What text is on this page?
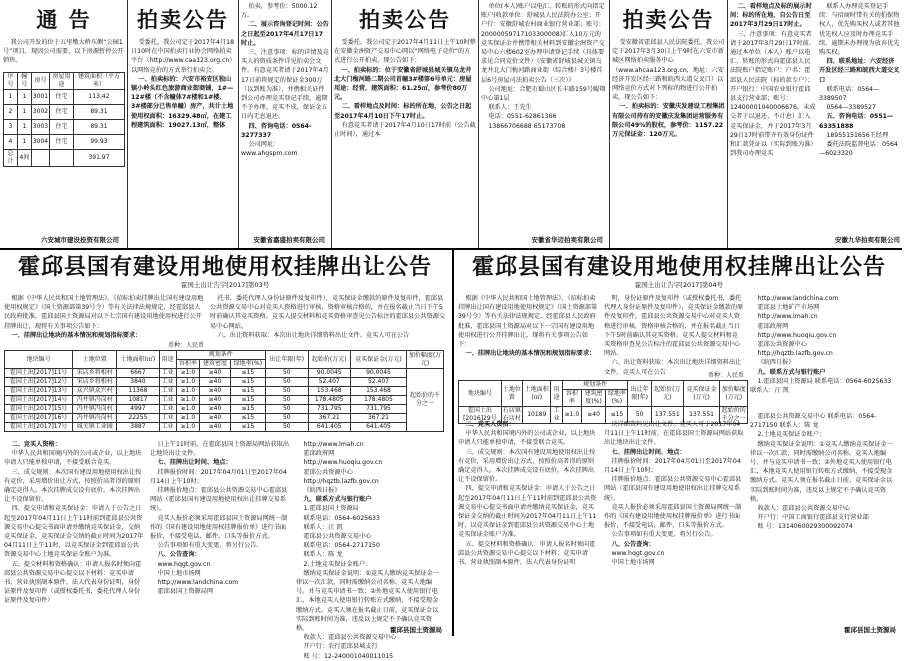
通 告

我公司开发的位于五里墩大桥东侧“公园1号”项目，现因公司需要，以下房源暂停公开销售。

序号	幢号	房号	房屋用途	建筑面积（平方米）
1	1	3001	住宅	113.42
2	1	3002	住宅	89.31
3	1	3003	住宅	89.31
4	1	3004	住宅	99.93
总计	4间			391.97
六安城市建设投资有限公司
拍卖公告

受委托，我公司定于2017年4月18日10时在中国拍卖行业协会网络拍卖平台（http://www.caa123.org.cn）以网络竞价的方式举行拍卖会。

一、拍卖标的：六安市裕安区独山镇小岭头红色旅游商业街商铺，1#—12#楼（不含幢体7#楼和1#楼、3#楼部分已售单幢）房产，共计土地使用权面积：16329.48㎡，在建工程建筑面积：19027.13㎡，整体

拍卖，参考价：5000.12万。

二、展示咨询登记时间：公告之日起至2017年4月17日17时止。

三、注意事项：标的详情及竞买人的资质条件详见拍卖会文件。有意竞买者请于2017年4月17日前将规定的保证金300万（以到账为准），并携相关证件到公司办理竞买登记手续，逾期不予办理。竞买不成，保证金五日内无息退还。

四、咨询电话：0564-3277337

公司网址：www.ahgspm.com

安徽省嘉盛拍卖有限公司
拍卖公告

受委托，我公司定于2017年4月11日上午10时整在安徽金洲资产交易中心网以“网络电子竞价”的方式进行公开拍卖，现公告如下：

一、拍卖标的：位于安徽省舒城县城关镇乌龙井北大门梅河路二期公司首幢3#楼第6号单元：房屋用途：经营，建筑面积：61.25㎡，参考价80万元。

二、看样地点及时间：标的所在地，公告之日起至2017年4月10日下午17时止。

有意竞买者请于2017年4月10日17时前（公告截止时间），通过本

单位(本人)账户以电汇、转账的形式向指定账户(收款单位：舒城县人民法院办公室；开户行：安徽舒城农村商业银行营业部；账号：20000059717103300008)汇入10万元的竞买保证金并携带相关材料到安徽金洲资产交易中心六楼602室办理申请登记手续（具体要求见合同竞价文件）《安徽省舒城县城关镇乌龙井北大门梅河路商业街（综合楼）3号楼首层6号房屋司法拍卖公告（三次）》

公司地址：合肥市蜀山区长丰路159号鲲翔中心第1层

联系人：王先生

电话：0551-62861366

13866706688 65173708

安徽省华迈拍卖有限公司
拍卖公告

受安徽省霍邱县人民法院委托，我公司定于2017年3月30日上午9时在六安市新城区网络拍卖服务中心（www.ahcaa123.org.cn，地址：六安经济开发区经三路和皖西大道交叉口）以网络竞价方式对下列标的物进行公开拍卖，现公告如下：

一、拍卖标的：安徽庆发建设工程集团有限公司持有的安徽庆发集团运营服务有限公司49%的股权，参考价：1157.22万元保证金：120万元。

二、看样地点及标的展示时间：标的所在地，自公告日至2017年3月29日17时止。

三、注意事项：有意竞买者请于2017年3月29日17时前，通过本单位（本人）账户以电汇、转账的形式向霍邱县人民法院账户指定账户：户名：霍邱县人民法院（标的款专户）；开户银行：中国农业银行霍邱县支行营业部；账号：12400001040006676。未成交者于以退还，不计息）汇入竞买保证金，并于2017年3月29日17时前带齐有效身份证件和汇款凭证以（实际到账为准）到我司办理竞买

联系人办理竞买登记手续：与招商时带有关的拍保物权人，优先购买权人或者其他优先权人应及时办理竞买手续，逾期未办理视为放弃优先购买权。

四、联系地址：六安经济开发区经三路和皖西大道交叉口

联系电话：0564—3389507

0564—3389527

五、咨询电话：0551—63351888

18955151656王经理

委托法院监督电话：0564—6023320

安徽九华拍卖有限公司
霍邱县国有建设用地使用权挂牌出让公告
霍国土出让告字[2017]第03号

根据《中华人民共和国土地管理法》、《招标拍卖挂牌出让国有建设用地使用权规定》（国土资源部第39号令）等有关法律法规规定，经霍邱县人民政府批准，霍邱县国土资源局对以下七宗国有建设用地使用权进行公开挂牌出让，现将有关事项公告如下：

一、挂牌出让地块的基本情况和规划指标要求：

托书，委托代理人身份证原件及复印件），竞买保证金缴款的原件及复印件，霍邱县公共资源交易中心对竞买人资格进行审核，资格审核合格的，并在报名截止当日下午5时前确认其竞买资格。竞买人提交材料和竞买资格审查见公告标注的霍邱县公共资源交易中心网站。

六、出让资料获取：本次出让地块详细资料出让文件。竞买人可在公告

币种：人民币
地块编号	土地位置	土地面积(㎡)	用途	规划条件			出让年限(年)	起始价(万元)	竞买保证金(万元)	加价幅度(万元)
				容积率	建筑密度	绿地率(%)				
霍国土出[2017]11号	宋店乡将相村	6667	工业	≥1.0	≥40	≤15	50	90.0045	90.0045	起始价的千分之一
霍国土出[2017]12号	宋店乡将相村	3840	工业	≥1.0	≥40	≤15	50	52.407	52.407	
霍国土出[2017]13号	众兴镇众兴村	11368	工业	≥1.0	≥40	≤15	50	153.468	153.468	
霍国土出[2017]14号	冯井镇冯岗村	10817	工业	≥1.0	≥40	≤15	50	178.4805	178.4805	
霍国土出[2017]15号	冯井镇冯岗村	4997	工业	≥1.0	≥40	≤15	50	731.795	731.795	
霍国土出[2017]16号	冯井镇冯岗村	22255	工业	≥1.0	≥40	≤15	50	367.21	367.21	
霍国土出[2017]17号	城关镇工业园	3887	工业	≥1.0	≥40	≤15	50	641.405	641.405	

二、竞买人资格：

中华人民共和国境内外的公司或企业，以上地块申请人只能单独申请，不接受联合竞买。

三、成交规则：本次国有建设用地使用权出让按有竞价，采用增价出让方式，按照价高者得的原则确定竞得人。本次挂牌成交设有底价，本次挂牌出让不设保留价。

四、提交申请和竞买保证金：申请人于公告之日起至2017年04月11日上午11时前到霍邱县公共资源交易中心提交书面申请并缴纳竞买保证金，交纳竞买保证金，竞买保证金交纳的截止时间为2017年04月11日上午11时，以竞买保证金到霍邱县公共资源交易中心土地竞买保证金账户为准。

五、提交材料和资格确认：申请人报名时须向霍邱县公共资源交易中心提交以下材料：竞买申请书，营业执照副本原件，法人代表身份证明，身份证原件及复印件（或授权委托书，委托代理人身份证原件及复印件）

日上午11时前，在霍邱县国土资源局网站获取出让地块出让文件。

七、挂牌出让时间、地点：

挂牌报价时间：2017年04月01日至2017年04月14日上午10时；

挂牌报价地点：霍邱县公共资源交易中心霍邱县网站（霍邱县国有建设用地使用权出让挂牌交易系统）。

竞买人报价必须采用霍邱县国土资源局网统一制作的《国有建设用地使用权挂牌报价单》进行书面报价，不接受电话、邮件、口头等报价方式。

公告事项如有重大变更，将另行公告。

八、公告查询：

www.hqgt.gov.cn

中国土地市场网

http://www.landchina.com

霍邱县国土资源局网

http://www.lmah.cn

霍邱政府网

http://www.huoqiu.gov.cn

霍邱公共资源中心

http://hqztb.lazfb.gov.cn

《皖西日报》

九、联系方式与银行账户

1.霍邱县国土资源局

联系电话：0564-6025633

联系人：汪 凯

霍邱县公共资源交易中心

联系电话：0564-2717150

联系人：陈 龙

2.土地竞买保证金账户：

缴纳竞买保证金说明：①竞买人缴纳竞买保证金一律以一次汇款，同时需缴纳公司名称、竞买人地编号。并与竞买申请书一致；②外地竞买人使用银行电汇，本地竞买人使用银行转账方式缴纳，不接受现金缴纳方式。竞买人须在报名截止日前，竞买保证金以实际到账时间为准，违反以上规定不予确认竞买资格。

收款人：霍邱县公共资源交易中心

开户行：农行霍邱县城支行

账 号：12-240001040011015

霍邱县国土资源局
霍邱县国有建设用地使用权挂牌出让公告
霍国土出让告字[2017]第04号

根据《中华人民共和国土地管理法》、《招标拍卖挂牌出让国有建设用地使用权规定》（国土资源部第39号令）等有关法律法规规定，经霍邱县人民政府批准，霍邱县国土资源局对以下一宗国有建设用地使用权进行公开挂牌出让，现将有关事项公告如下：

一、挂牌出让地块的基本情况和规划指标要求：

明，身份证原件及复印件（或授权委托书，委托代理人身份证原件及复印件），竞买保证金缴款的原件及复印件，霍邱县公共资源交易中心对竞买人资格进行审核，资格审核合格的，并在报名截止当日下午5时前确认其竞买资格。竞买人提交材料和竞买资格审查见公告标注的霍邱县公共资源交易中心网站。

六、出让资料获取：本次出让地块详细资料出让文件。竞买人可在公告

http://www.landchina.com

霍邱县土地矿产市场网

http://www.lmah.cn

霍邱政府网

http://www.huoqiu.gov.cn

霍邱公共资源中心

http://hqztb.lazfb.gov.cn

《皖西日报》

九、联系方式与银行账户

1.霍邱县国土资源局 联系电话：0564-6025633 联系人：汪 凯

币种：人民币
地块编号	土地位置	土地面积(㎡)	用途	规划条件			出让年限(年)	起始价(万元)	竞买保证金(万元)	加价幅度(万元)
				容积率	建筑密度(%)	绿地率(%)				
霍国土出[2016]29号	石店镇石店村	10189	工业	≥1.0	≥40	≤15	50	137.551	137.551	起始价的千分之一

二、竞买人资格：

中华人民共和国境内外的公司或企业，以上地块申请人只能单独申请，不接受联合竞买。

三、成交规则：本次国有建设用地使用权出让按有竞价，采用增价出让方式，按照价高者得的原则确定竞得人。本次挂牌成交设有底价，本次挂牌出让不设保留价。

四、提交申请和竞买保证金：申请人于公告之日起至2017年04月11日上午11时前到霍邱县公共资源交易中心提交书面申请并缴纳竞买保证金，竞买保证金交纳的截止时间为2017年04月11日上午11时，以竞买保证金到霍邱县公共资源交易中心土地竞买保证金账户为准。

五、提交材料和资格确认：申请人报名时须向霍邱县公共资源交易中心提交以下材料：竞买申请书，营业执照副本原件，法人代表身份证明

块详细资料见出让文件。竞买人可于2017年04月11日上午11时前，在霍邱县国土资源局网站获取出让地块出让文件。

七、挂牌出让时间、地点：

挂牌报价时间：2017年04月01日至2017年04月14日上午10时；

挂牌报价地点：霍邱县公共资源交易中心霍邱县网站（霍邱县国有建设用地使用权出让挂牌交易系统）。

竞买人报价必须采用霍邱县国土资源局网统一制作的《国有建设用地使用权挂牌报价单》进行书面报价，不接受电话、邮件、口头等报价方式。

公告事项如有重大变更，将另行公告。

八、公告查询：

www.hqgt.gov.cn

中国土地市场网

霍邱县公共资源交易中心 联系电话：0564-2717150 联系人：陈 龙

2.土地竞买保证金账户：

缴纳竞买保证金说明：①竞买人缴纳竞买保证金一律以一次汇款，同时需缴纳公司名称、竞买人地编号，并与竞买申请书一致；②外地竞买人使用银行电汇，本地竞买人使用银行转账方式缴纳，不接受现金缴纳方式。竞买人须在报名截止日前，竞买保证金以实际到账时间为准，违反以上规定不予确认竞买资格。

收款人：霍邱县公共资源交易中心

开户行：中国工商银行霍邱县支行营业部

账 号：1314060029300092074

霍邱县国土资源局
